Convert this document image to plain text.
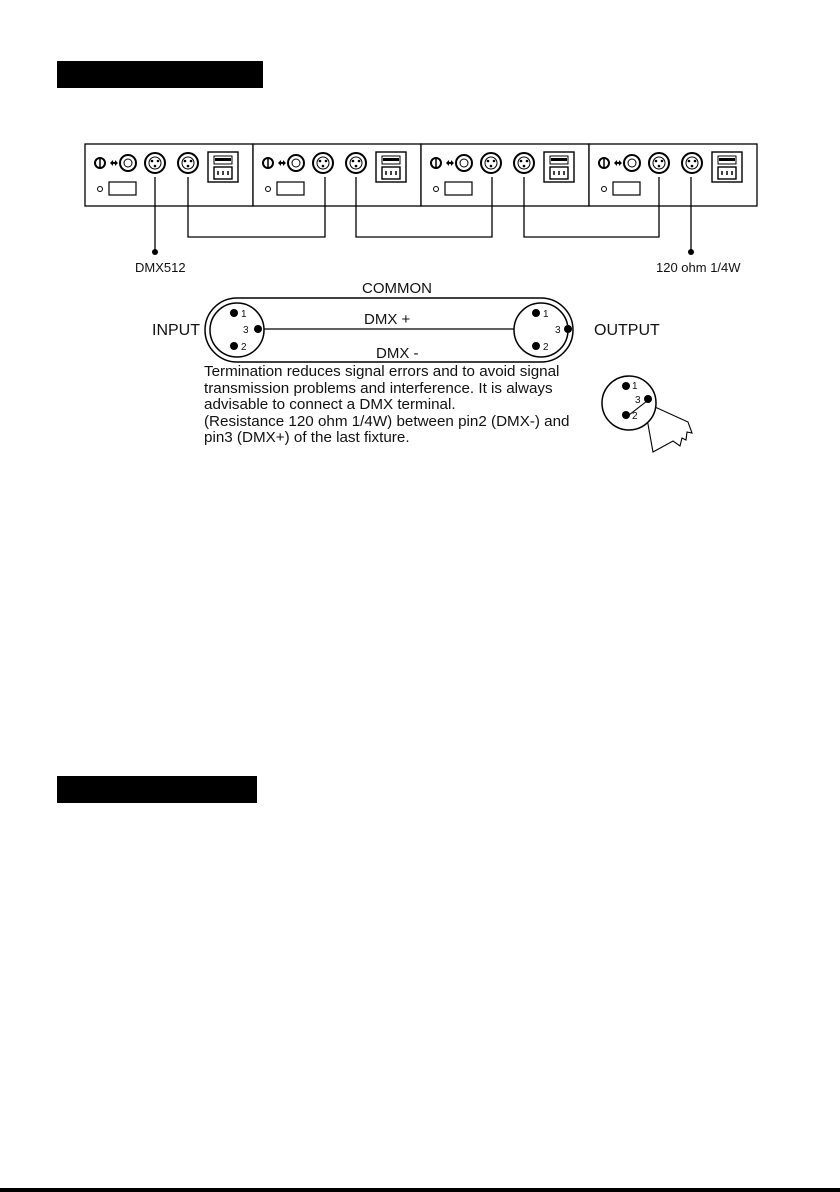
DMX512	120 ohm 1/4W
1
3
2
1
3
2
COMMON
DMX +
DMX -
INPUT	OUTPUT
1
3
2
Termination reduces signal errors and to avoid signal
transmission problems and interference. It is always
advisable to connect a DMX terminal.
(Resistance 120 ohm 1/4W) between pin2 (DMX-) and
pin3 (DMX+) of the last fixture.
